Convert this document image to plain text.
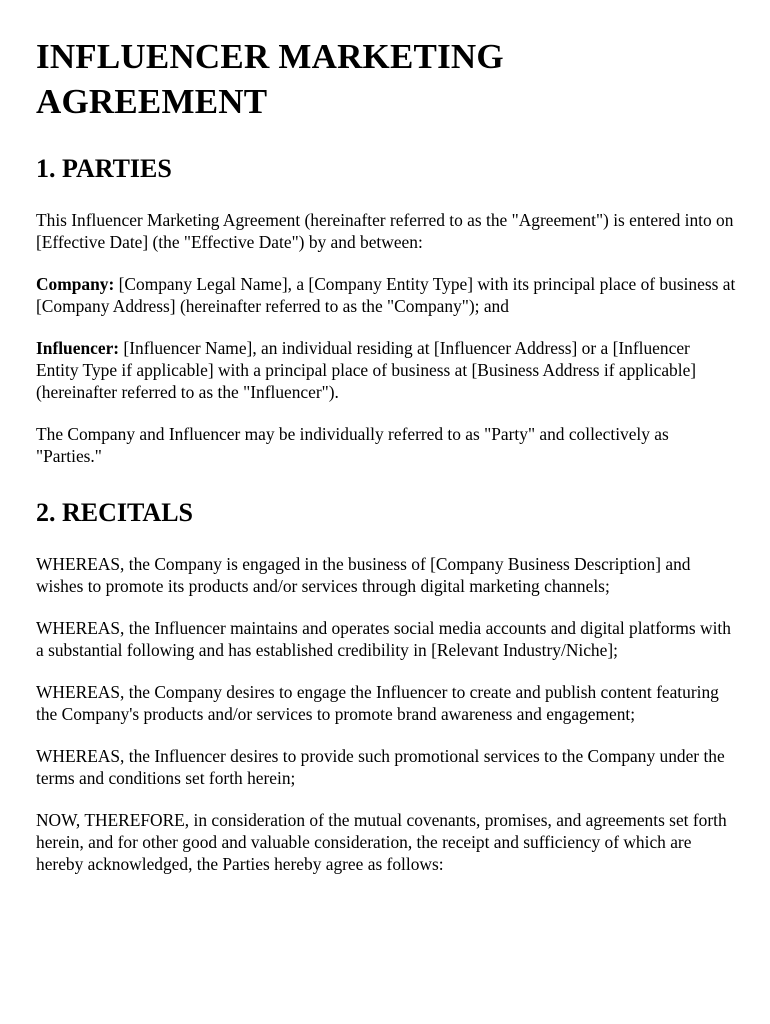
INFLUENCER MARKETING AGREEMENT
1. PARTIES

This Influencer Marketing Agreement (hereinafter referred to as the "Agreement") is entered into on [Effective Date] (the "Effective Date") by and between:

Company: [Company Legal Name], a [Company Entity Type] with its principal place of business at [Company Address] (hereinafter referred to as the "Company"); and

Influencer: [Influencer Name], an individual residing at [Influencer Address] or a [Influencer Entity Type if applicable] with a principal place of business at [Business Address if applicable] (hereinafter referred to as the "Influencer").

The Company and Influencer may be individually referred to as "Party" and collectively as "Parties."

2. RECITALS

WHEREAS, the Company is engaged in the business of [Company Business Description] and wishes to promote its products and/or services through digital marketing channels;

WHEREAS, the Influencer maintains and operates social media accounts and digital platforms with a substantial following and has established credibility in [Relevant Industry/Niche];

WHEREAS, the Company desires to engage the Influencer to create and publish content featuring the Company's products and/or services to promote brand awareness and engagement;

WHEREAS, the Influencer desires to provide such promotional services to the Company under the terms and conditions set forth herein;

NOW, THEREFORE, in consideration of the mutual covenants, promises, and agreements set forth herein, and for other good and valuable consideration, the receipt and sufficiency of which are hereby acknowledged, the Parties hereby agree as follows:
